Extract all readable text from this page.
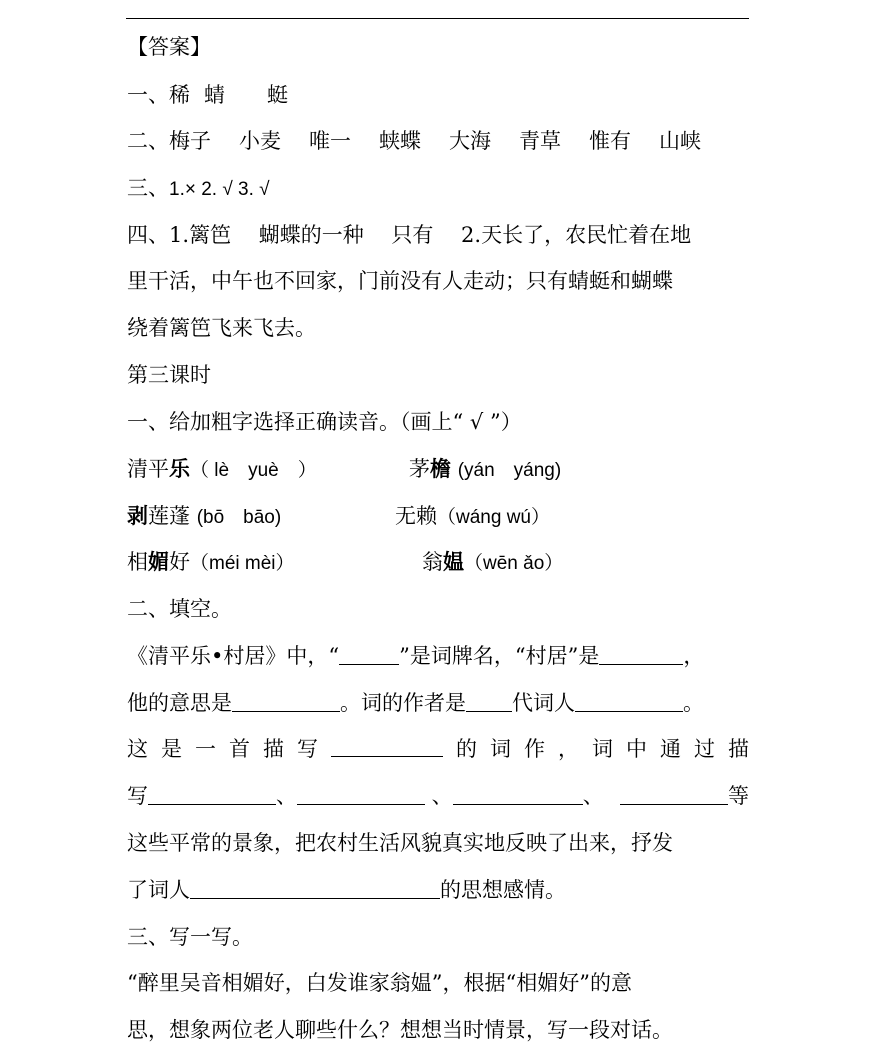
【答案】
一、稀 蜻 蜓
二、梅子 小麦 唯一 蛱蝶 大海 青草 惟有 山峡
三、1.× 2. √ 3. √
四、1.篱笆　 蝴蝶的一种　 只有　 2.天长了，农民忙着在地
里干活，中午也不回家，门前没有人走动；只有蜻蜓和蝴蝶
绕着篱笆飞来飞去。
第三课时
一、给加粗字选择正确读音。（画上“ √ ”）
清平乐（ lè　yuè　）	茅檐 (yán　yáng)
剥莲蓬 (bō　bāo)	无赖（wáng wú）
相媚好（méi mèi）	翁媪（wēn ǎo）
二、填空。
《清平乐•村居》中，“	”是词牌名，“村居”是	，
他的意思是	。词的作者是 代词人	。
这 是 一 首 描 写	的 词 作 ， 词 中 通 过 描
写	、	、	、	等
这些平常的景象，把农村生活风貌真实地反映了出来，抒发
了词人	的思想感情。
三、写一写。
“醉里吴音相媚好，白发谁家翁媪”，根据“相媚好”的意
思，想象两位老人聊些什么？想想当时情景，写一段对话。
